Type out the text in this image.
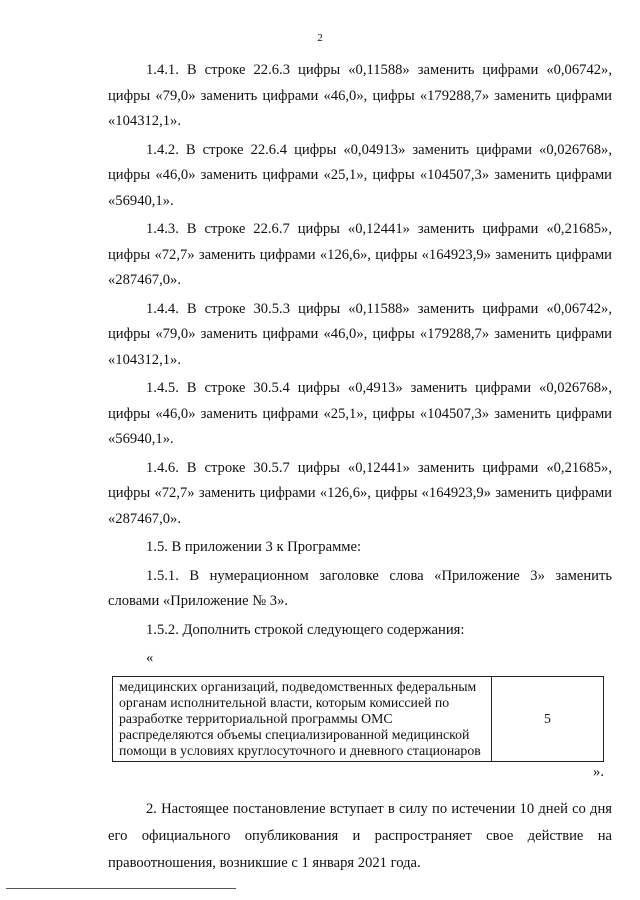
2

1.4.1. В строке 22.6.3 цифры «0,11588» заменить цифрами «0,06742», цифры «79,0» заменить цифрами «46,0», цифры «179288,7» заменить цифрами «104312,1».

1.4.2. В строке 22.6.4 цифры «0,04913» заменить цифрами «0,026768», цифры «46,0» заменить цифрами «25,1», цифры «104507,3» заменить цифрами «56940,1».

1.4.3. В строке 22.6.7 цифры «0,12441» заменить цифрами «0,21685», цифры «72,7» заменить цифрами «126,6», цифры «164923,9» заменить цифрами «287467,0».

1.4.4. В строке 30.5.3 цифры «0,11588» заменить цифрами «0,06742», цифры «79,0» заменить цифрами «46,0», цифры «179288,7» заменить цифрами «104312,1».

1.4.5. В строке 30.5.4 цифры «0,4913» заменить цифрами «0,026768», цифры «46,0» заменить цифрами «25,1», цифры «104507,3» заменить цифрами «56940,1».

1.4.6. В строке 30.5.7 цифры «0,12441» заменить цифрами «0,21685», цифры «72,7» заменить цифрами «126,6», цифры «164923,9» заменить цифрами «287467,0».

1.5. В приложении 3 к Программе:

1.5.1. В нумерационном заголовке слова «Приложение 3» заменить словами «Приложение № 3».

1.5.2. Дополнить строкой следующего содержания:

«

медицинских организаций, подведомственных федеральным органам исполнительной власти, которым комиссией по разработке территориальной программы ОМС распределяются объемы специализированной медицинской помощи в условиях круглосуточного и дневного стационаров	5
».

2. Настоящее постановление вступает в силу по истечении 10 дней со дня его официального опубликования и распространяет свое действие на правоотношения, возникшие с 1 января 2021 года.
